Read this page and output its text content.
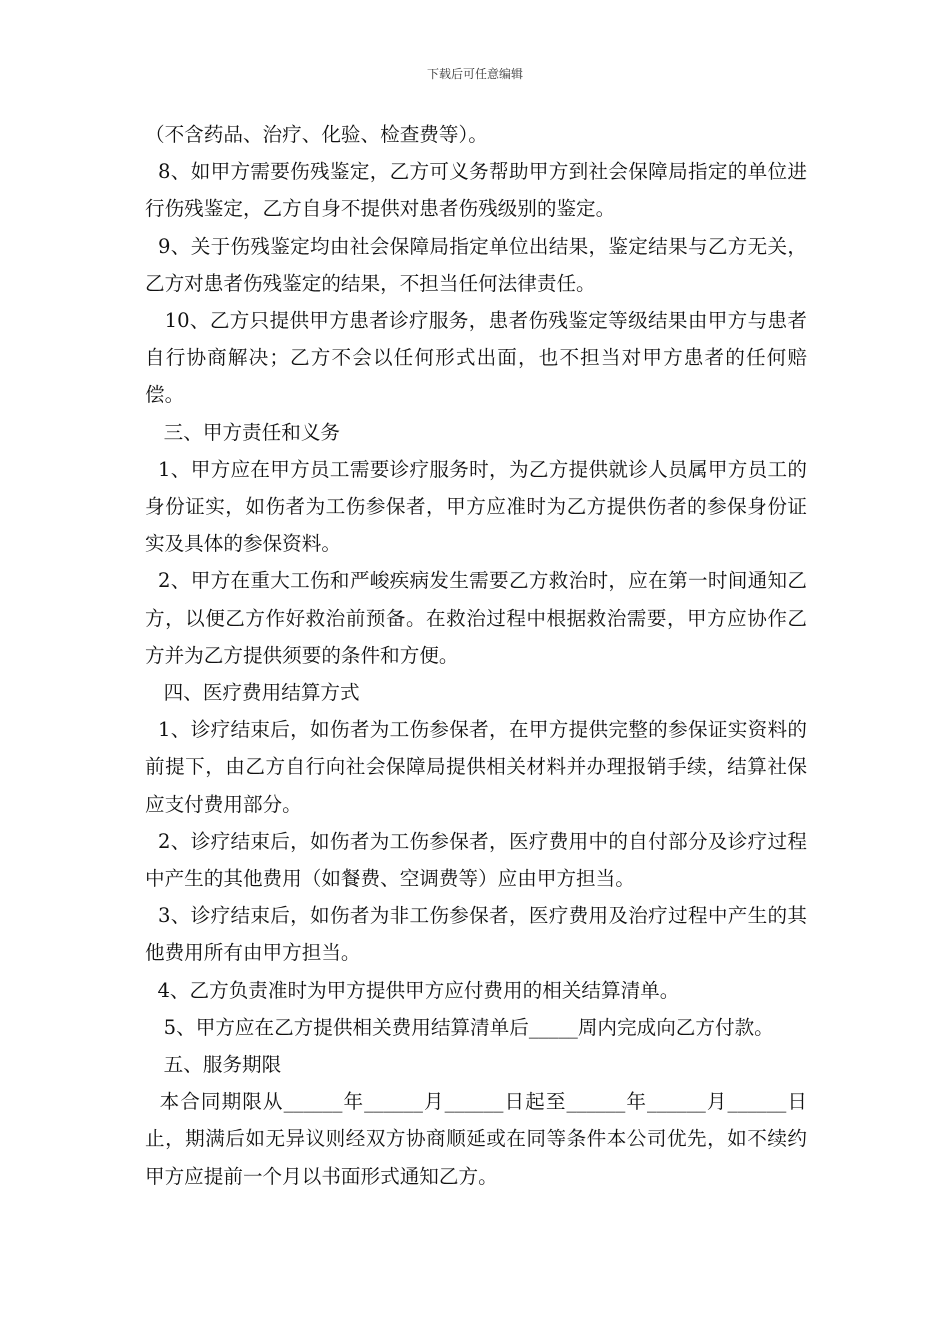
下载后可任意编辑

（不含药品、治疗、化验、检查费等）。

8、如甲方需要伤残鉴定，乙方可义务帮助甲方到社会保障局指定的单位进行伤残鉴定，乙方自身不提供对患者伤残级别的鉴定。

9、关于伤残鉴定均由社会保障局指定单位出结果，鉴定结果与乙方无关，乙方对患者伤残鉴定的结果，不担当任何法律责任。

10、乙方只提供甲方患者诊疗服务，患者伤残鉴定等级结果由甲方与患者自行协商解决；乙方不会以任何形式出面，也不担当对甲方患者的任何赔偿。

三、甲方责任和义务

1、甲方应在甲方员工需要诊疗服务时，为乙方提供就诊人员属甲方员工的身份证实，如伤者为工伤参保者，甲方应准时为乙方提供伤者的参保身份证实及具体的参保资料。

2、甲方在重大工伤和严峻疾病发生需要乙方救治时，应在第一时间通知乙方，以便乙方作好救治前预备。在救治过程中根据救治需要，甲方应协作乙方并为乙方提供须要的条件和方便。

四、医疗费用结算方式

1、诊疗结束后，如伤者为工伤参保者，在甲方提供完整的参保证实资料的前提下，由乙方自行向社会保障局提供相关材料并办理报销手续，结算社保应支付费用部分。

2、诊疗结束后，如伤者为工伤参保者，医疗费用中的自付部分及诊疗过程中产生的其他费用（如餐费、空调费等）应由甲方担当。

3、诊疗结束后，如伤者为非工伤参保者，医疗费用及治疗过程中产生的其他费用所有由甲方担当。

4、乙方负责准时为甲方提供甲方应付费用的相关结算清单。

5、甲方应在乙方提供相关费用结算清单后_____周内完成向乙方付款。

五、服务期限

本合同期限从______年______月______日起至______年______月______日止，期满后如无异议则经双方协商顺延或在同等条件本公司优先，如不续约甲方应提前一个月以书面形式通知乙方。
